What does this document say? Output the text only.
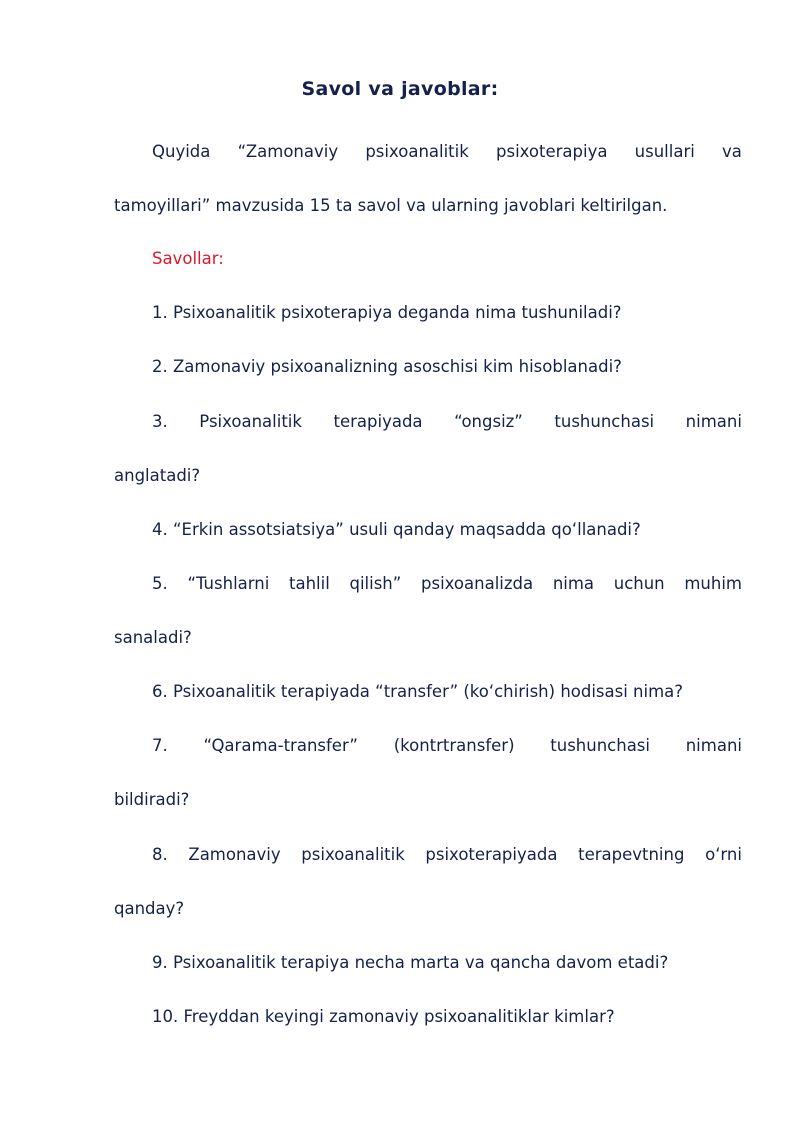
Savol va javoblar:
Quyida “Zamonaviy psixoanalitik psixoterapiya usullari va
tamoyillari” mavzusida 15 ta savol va ularning javoblari keltirilgan.
Savollar:
1. Psixoanalitik psixoterapiya deganda nima tushuniladi?
2. Zamonaviy psixoanalizning asoschisi kim hisoblanadi?
3. Psixoanalitik terapiyada “ongsiz” tushunchasi nimani
anglatadi?
4. “Erkin assotsiatsiya” usuli qanday maqsadda qoʻllanadi?
5. “Tushlarni tahlil qilish” psixoanalizda nima uchun muhim
sanaladi?
6. Psixoanalitik terapiyada “transfer” (koʻchirish) hodisasi nima?
7. “Qarama-transfer” (kontrtransfer) tushunchasi nimani
bildiradi?
8. Zamonaviy psixoanalitik psixoterapiyada terapevtning oʻrni
qanday?
9. Psixoanalitik terapiya necha marta va qancha davom etadi?
10. Freyddan keyingi zamonaviy psixoanalitiklar kimlar?
